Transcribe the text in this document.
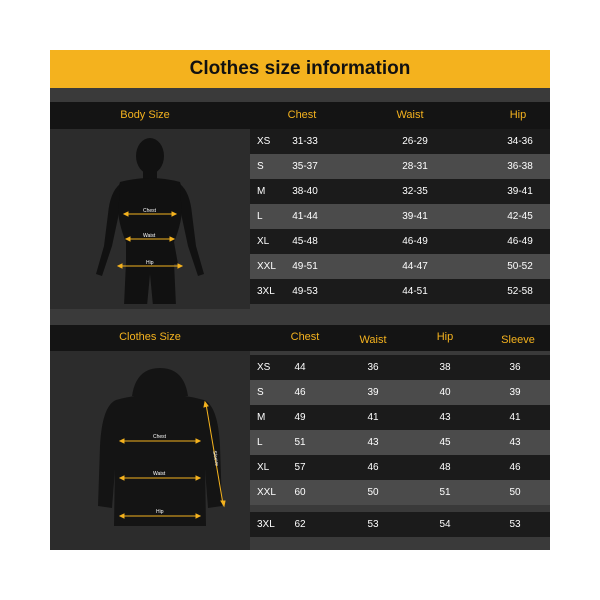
Clothes size information
Body Size	Chest	Waist	Hip
Chest
Waist
Hip
XS	31-33	26-29	34-36
S	35-37	28-31	36-38
M	38-40	32-35	39-41
L	41-44	39-41	42-45
XL	45-48	46-49	46-49
XXL	49-51	44-47	50-52
3XL	49-53	44-51	52-58
Clothes Size	Chest	Waist	Hip	Sleeve
Chest
Waist
Hip
Sleeve
XS	44	36	38	36
S	46	39	40	39
M	49	41	43	41
L	51	43	45	43
XL	57	46	48	46
XXL	60	50	51	50
3XL	62	53	54	53
